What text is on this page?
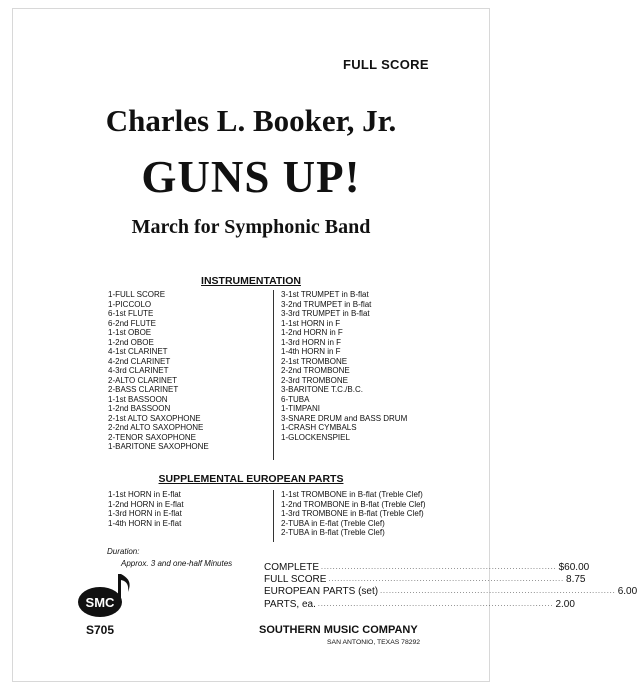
FULL SCORE
Charles L. Booker, Jr.
GUNS UP!
March for Symphonic Band
INSTRUMENTATION
1-FULL SCORE
1-PICCOLO
6-1st FLUTE
6-2nd FLUTE
1-1st OBOE
1-2nd OBOE
4-1st CLARINET
4-2nd CLARINET
4-3rd CLARINET
2-ALTO CLARINET
2-BASS CLARINET
1-1st BASSOON
1-2nd BASSOON
2-1st ALTO SAXOPHONE
2-2nd ALTO SAXOPHONE
2-TENOR SAXOPHONE
1-BARITONE SAXOPHONE
3-1st TRUMPET in B-flat
3-2nd TRUMPET in B-flat
3-3rd TRUMPET in B-flat
1-1st HORN in F
1-2nd HORN in F
1-3rd HORN in F
1-4th HORN in F
2-1st TROMBONE
2-2nd TROMBONE
2-3rd TROMBONE
3-BARITONE T.C./B.C.
6-TUBA
1-TIMPANI
3-SNARE DRUM and BASS DRUM
1-CRASH CYMBALS
1-GLOCKENSPIEL
SUPPLEMENTAL EUROPEAN PARTS
1-1st HORN in E-flat
1-2nd HORN in E-flat
1-3rd HORN in E-flat
1-4th HORN in E-flat
1-1st TROMBONE in B-flat (Treble Clef)
1-2nd TROMBONE in B-flat (Treble Clef)
1-3rd TROMBONE in B-flat (Treble Clef)
2-TUBA in E-flat (Treble Clef)
2-TUBA in B-flat (Treble Clef)
Duration:
Approx. 3 and one-half Minutes
SMC
S705
COMPLETE ................................................................................ $60.00
FULL SCORE ................................................................................ 8.75
EUROPEAN PARTS (set) ................................................................................ 6.00
PARTS, ea. ................................................................................ 2.00
SOUTHERN MUSIC COMPANY
SAN ANTONIO, TEXAS 78292
